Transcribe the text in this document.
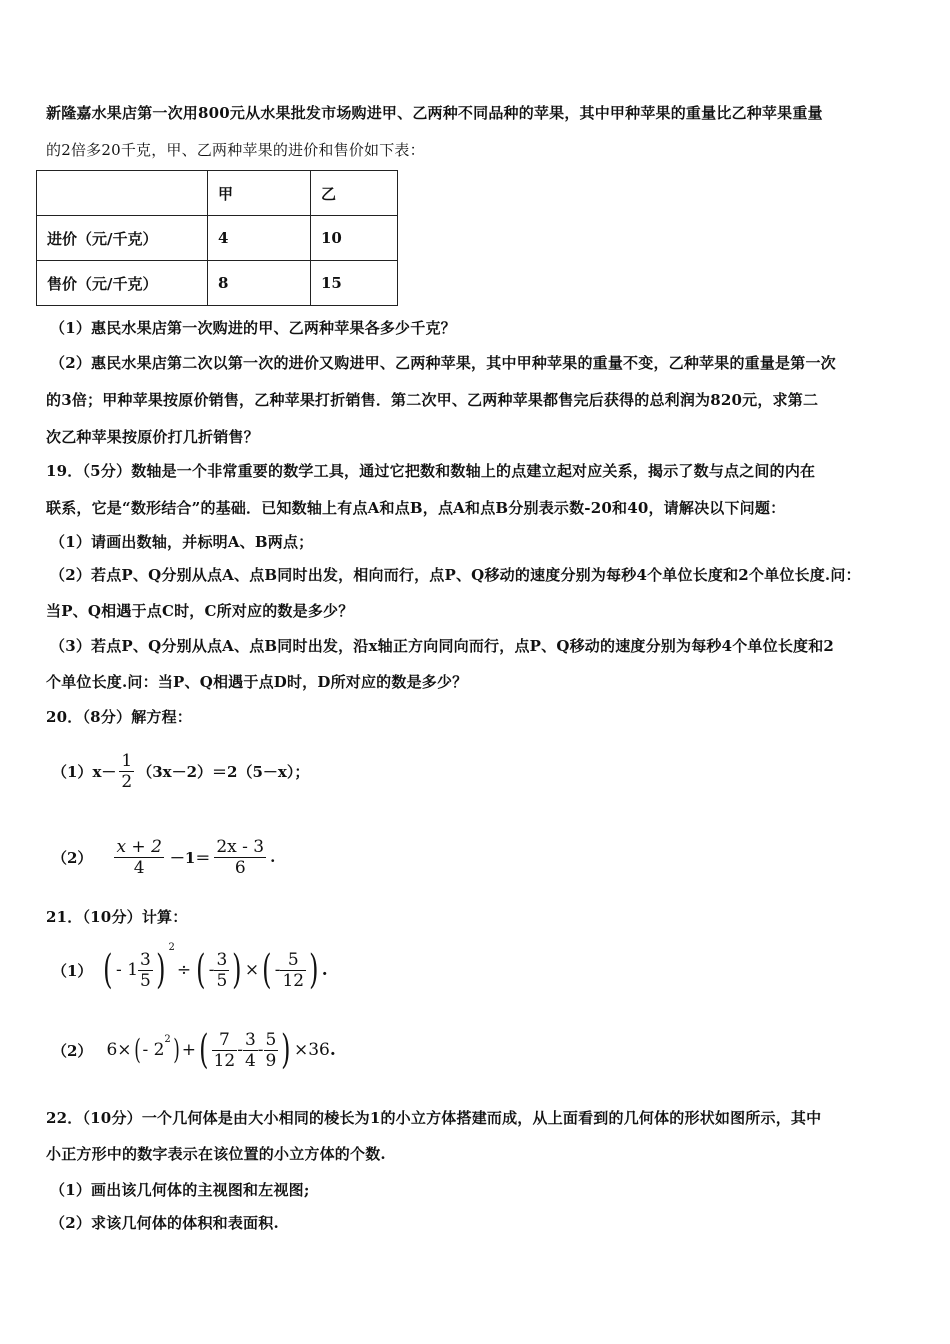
新隆嘉水果店第一次用800元从水果批发市场购进甲、乙两种不同品种的苹果，其中甲种苹果的重量比乙种苹果重量
的2倍多20千克，甲、乙两种苹果的进价和售价如下表：
	甲	乙
进价（元/千克）	4	10
售价（元/千克）	8	15
（1）惠民水果店第一次购进的甲、乙两种苹果各多少千克？
（2）惠民水果店第二次以第一次的进价又购进甲、乙两种苹果，其中甲种苹果的重量不变，乙种苹果的重量是第一次
的3倍；甲种苹果按原价销售，乙种苹果打折销售．第二次甲、乙两种苹果都售完后获得的总利润为820元，求第二
次乙种苹果按原价打几折销售？
19．（5分）数轴是一个非常重要的数学工具，通过它把数和数轴上的点建立起对应关系，揭示了数与点之间的内在
联系，它是“数形结合”的基础．已知数轴上有点A和点B，点A和点B分别表示数-20和40，请解决以下问题：
（1）请画出数轴，并标明A、B两点；
（2）若点P、Q分别从点A、点B同时出发，相向而行，点P、Q移动的速度分别为每秒4个单位长度和2个单位长度.问：
当P、Q相遇于点C时，C所对应的数是多少？
（3）若点P、Q分别从点A、点B同时出发，沿x轴正方向同向而行，点P、Q移动的速度分别为每秒4个单位长度和2
个单位长度.问：当P、Q相遇于点D时，D所对应的数是多少？
20．（8分）解方程：
（1） $x- \frac{1}{2} (3x-2)=2(5-x)$；
$(2) \frac{x + 2}{4} -1= \frac{2x - 3}{6}$ .
21．（10分）计算：
（1） ( - $1 \frac{3}{5}$ ) $^2$
÷ ( - $\frac{3}{5}$ ) × ( - $\frac{5}{12}$ ) .
（2） 6× ( - 2
$^2$ ) + ( $\frac{7}{12} - \frac{3}{4} - \frac{5}{9}$ ) ×36 .
22．（10分）一个几何体是由大小相同的棱长为1的小立方体搭建而成，从上面看到的几何体的形状如图所示，其中
小正方形中的数字表示在该位置的小立方体的个数.
（1）画出该几何体的主视图和左视图;
（2）求该几何体的体积和表面积.
